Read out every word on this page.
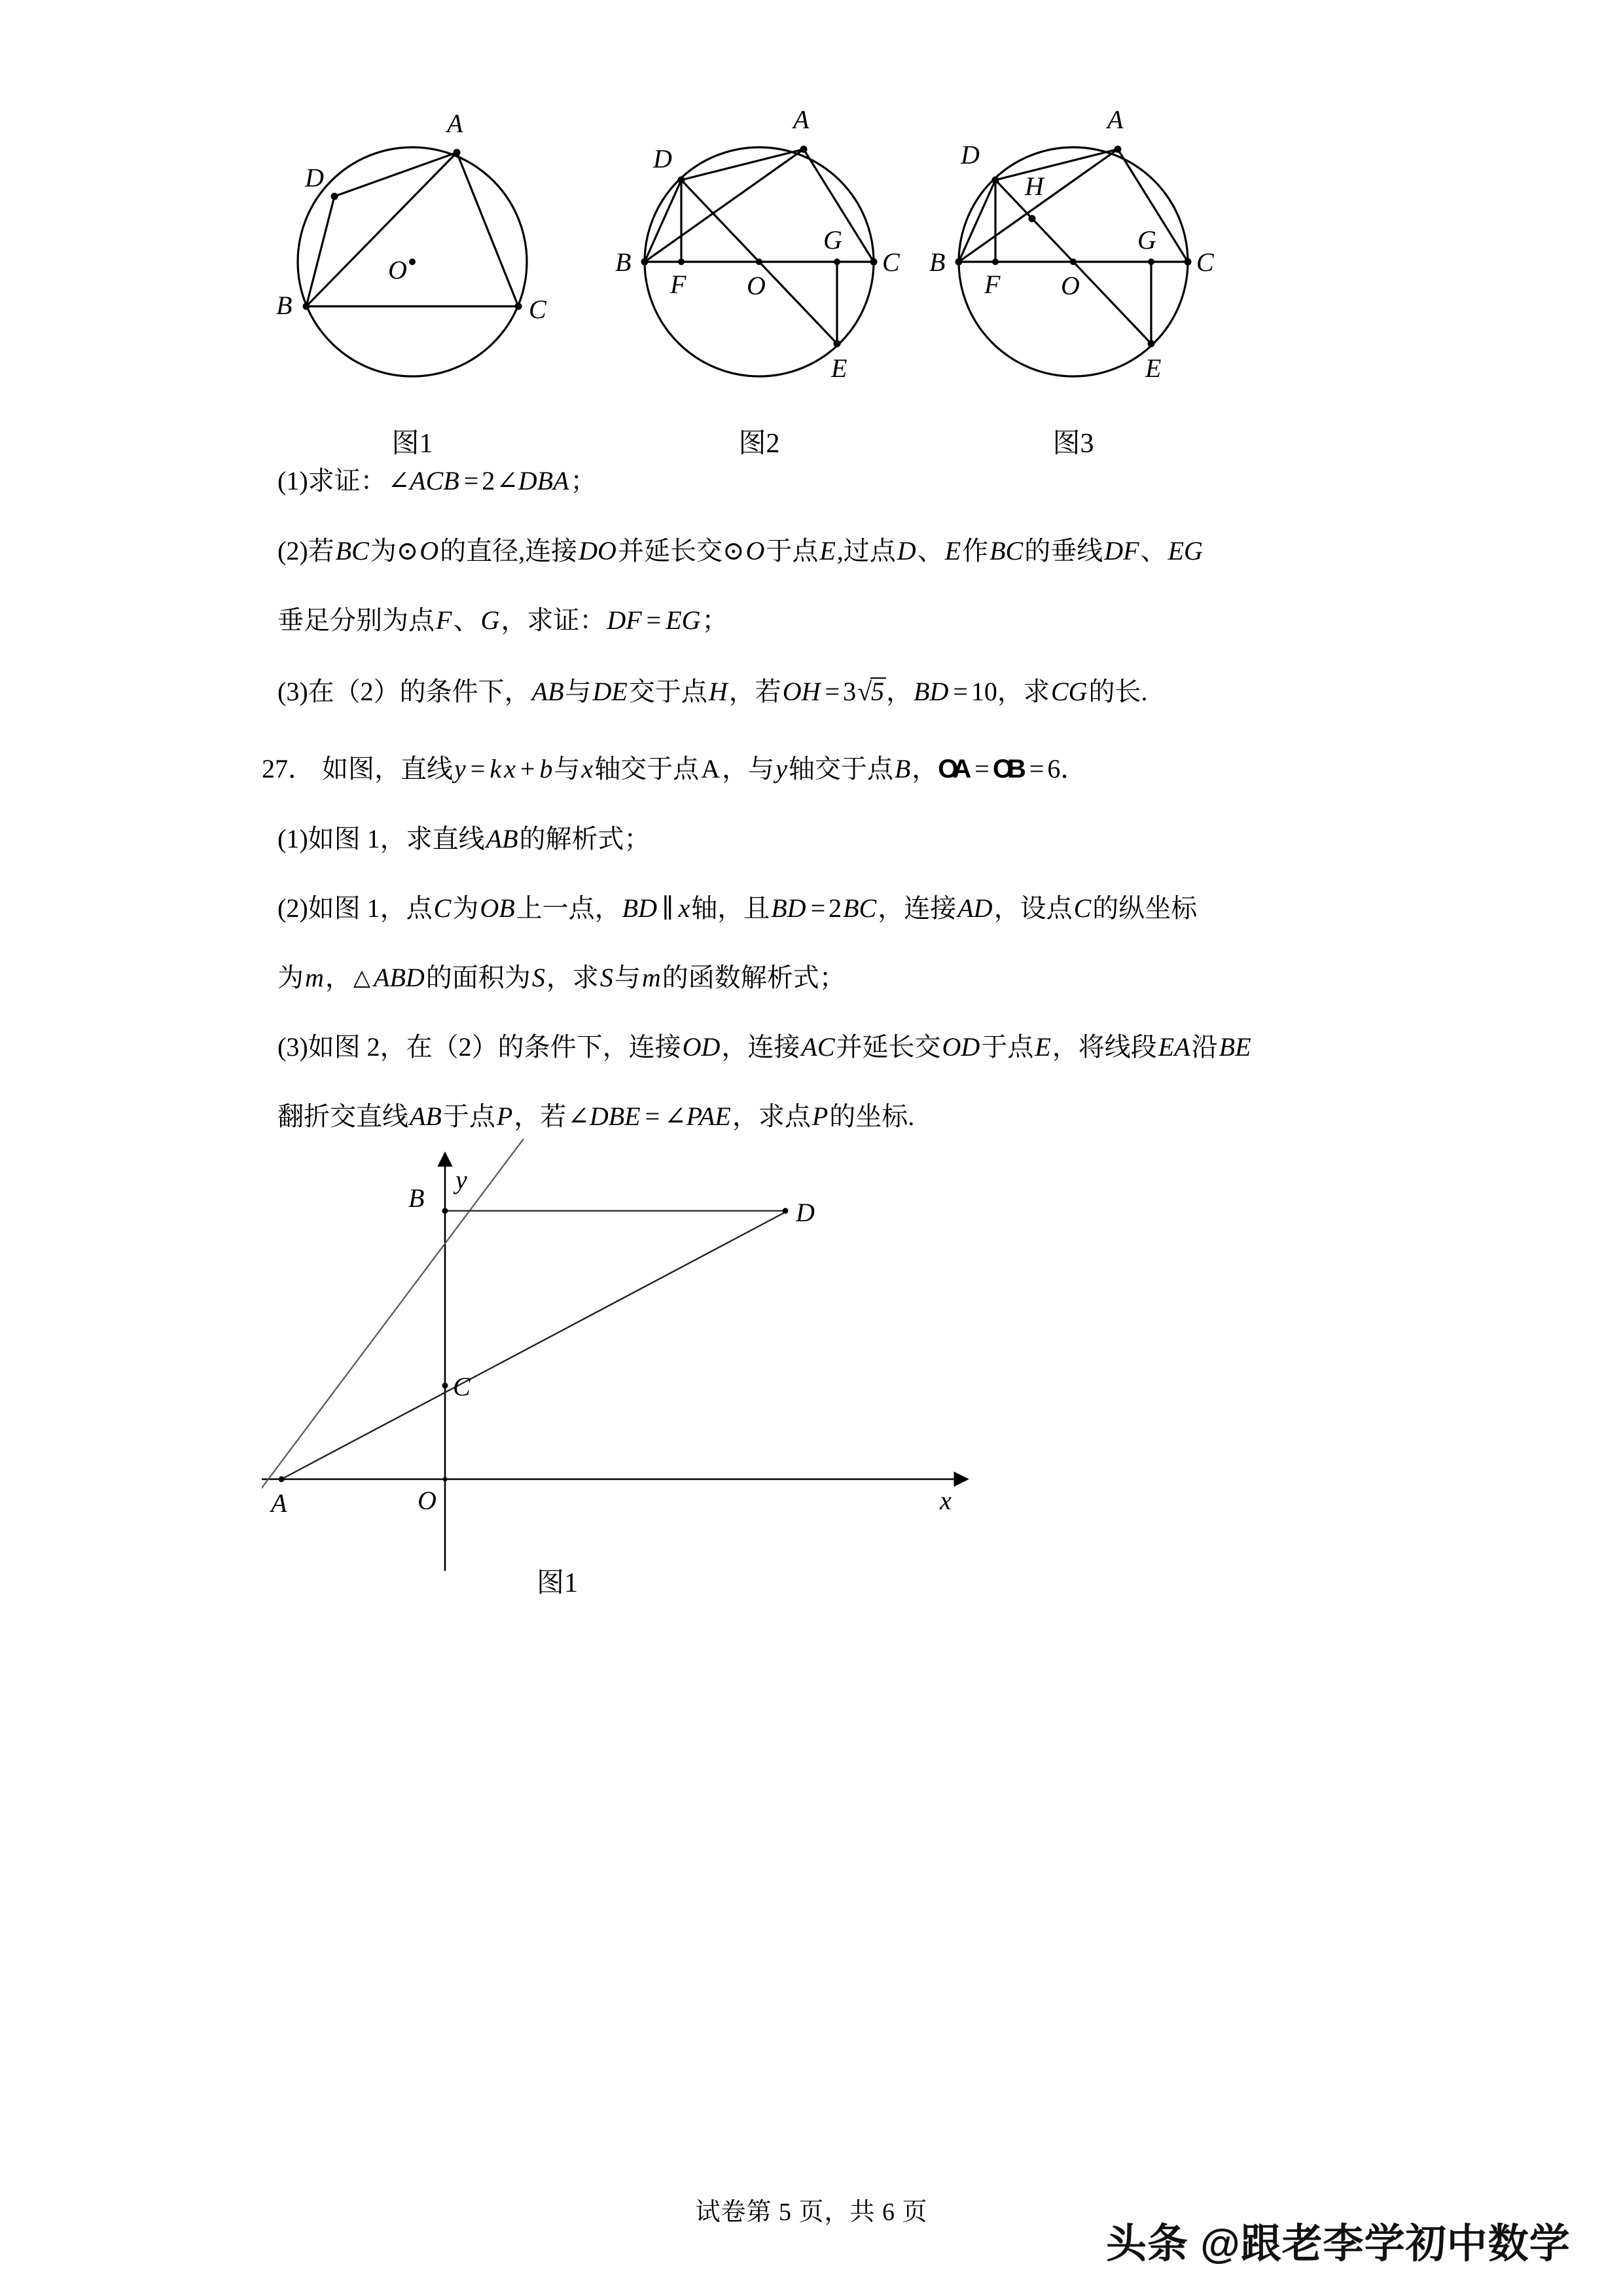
A
D
B	C
O
图1
A
D
B	C
F O
G
E
图2
A
D
B	C
F O
G
E
H
图3
(1)求证：∠ACB = 2∠DBA；
(2)若BC为⊙O的直径,连接DO并延长交⊙O于点E,过点D、E作BC的垂线DF、EG
垂足分别为点F、G，求证：DF = EG；
(3)在（2）的条件下，AB与DE交于点H，若OH = 3√5，BD = 10，求CG的长.
27． 如图，直线y = k x + b与x轴交于点A，与y轴交于点B，OA = OB = 6．
(1)如图 1，求直线AB的解析式；
(2)如图 1，点C为OB上一点，BD ∥ x轴，且BD = 2BC，连接AD，设点C的纵坐标
为m，△ ABD的面积为S，求S与m的函数解析式；
(3)如图 2，在（2）的条件下，连接OD，连接AC并延长交OD于点E，将线段EA沿BE
翻折交直线AB于点P，若∠DBE = ∠PAE，求点P的坐标.
x
y
O
A
B
C
D
图1
试卷第 5 页，共 6 页
头条 @跟老李学初中数学
